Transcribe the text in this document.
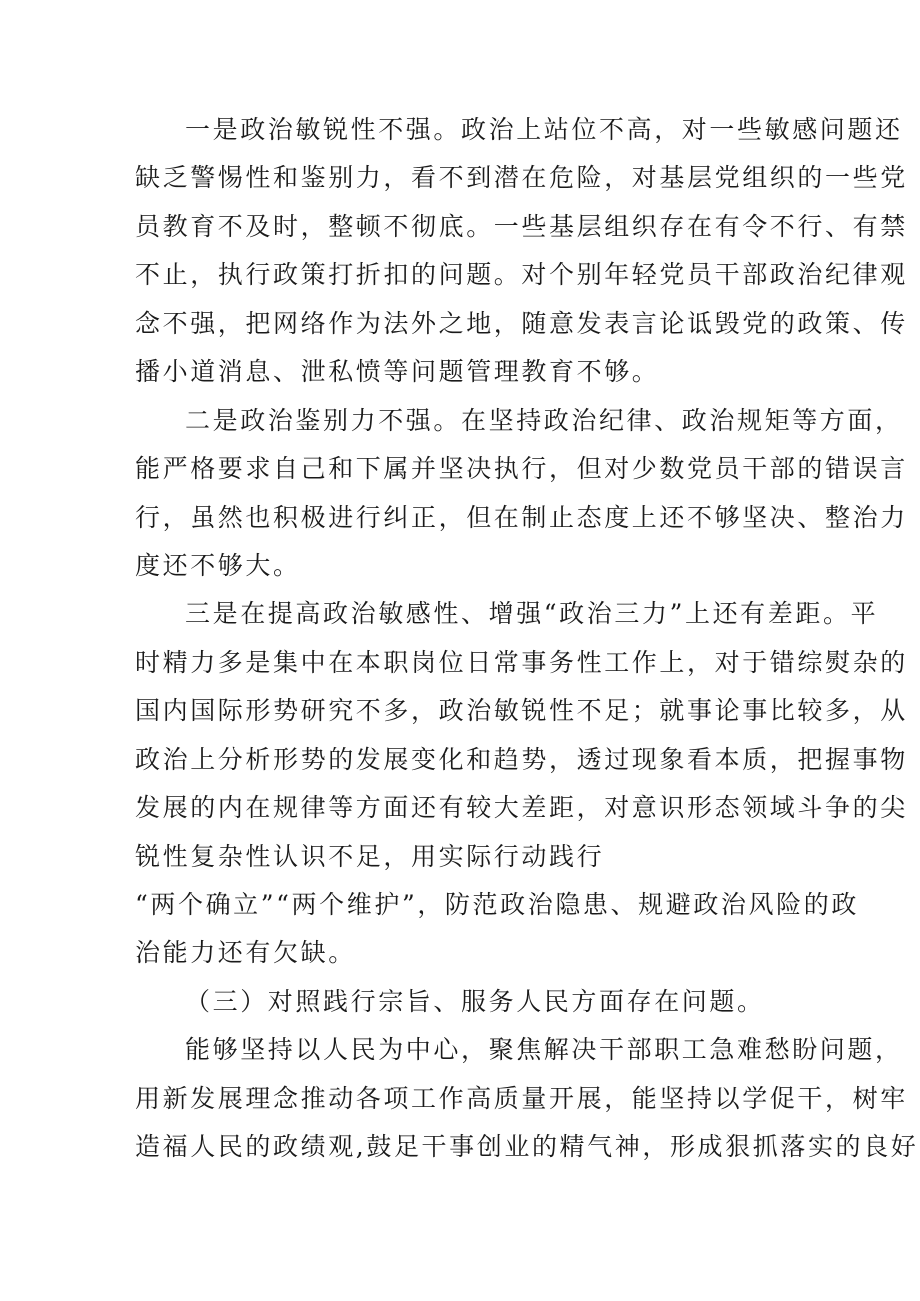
一是政治敏锐性不强。政治上站位不高，对一些敏感问题还
缺乏警惕性和鉴别力，看不到潜在危险，对基层党组织的一些党
员教育不及时，整顿不彻底。一些基层组织存在有令不行、有禁
不止，执行政策打折扣的问题。对个别年轻党员干部政治纪律观
念不强，把网络作为法外之地，随意发表言论诋毁党的政策、传
播小道消息、泄私愤等问题管理教育不够。
二是政治鉴别力不强。在坚持政治纪律、政治规矩等方面，
能严格要求自己和下属并坚决执行，但对少数党员干部的错误言
行，虽然也积极进行纠正，但在制止态度上还不够坚决、整治力
度还不够大。
三是在提高政治敏感性、增强“政治三力”上还有差距。平
时精力多是集中在本职岗位日常事务性工作上，对于错综熨杂的
国内国际形势研究不多，政治敏锐性不足；就事论事比较多，从
政治上分析形势的发展变化和趋势，透过现象看本质，把握事物
发展的内在规律等方面还有较大差距，对意识形态领域斗争的尖
锐性复杂性认识不足，用实际行动践行
“两个确立”“两个维护”，防范政治隐患、规避政治风险的政
治能力还有欠缺。
（三）对照践行宗旨、服务人民方面存在问题。
能够坚持以人民为中心，聚焦解决干部职工急难愁盼问题，
用新发展理念推动各项工作高质量开展，能坚持以学促干，树牢
造福人民的政绩观,鼓足干事创业的精气神，形成狠抓落实的良好
